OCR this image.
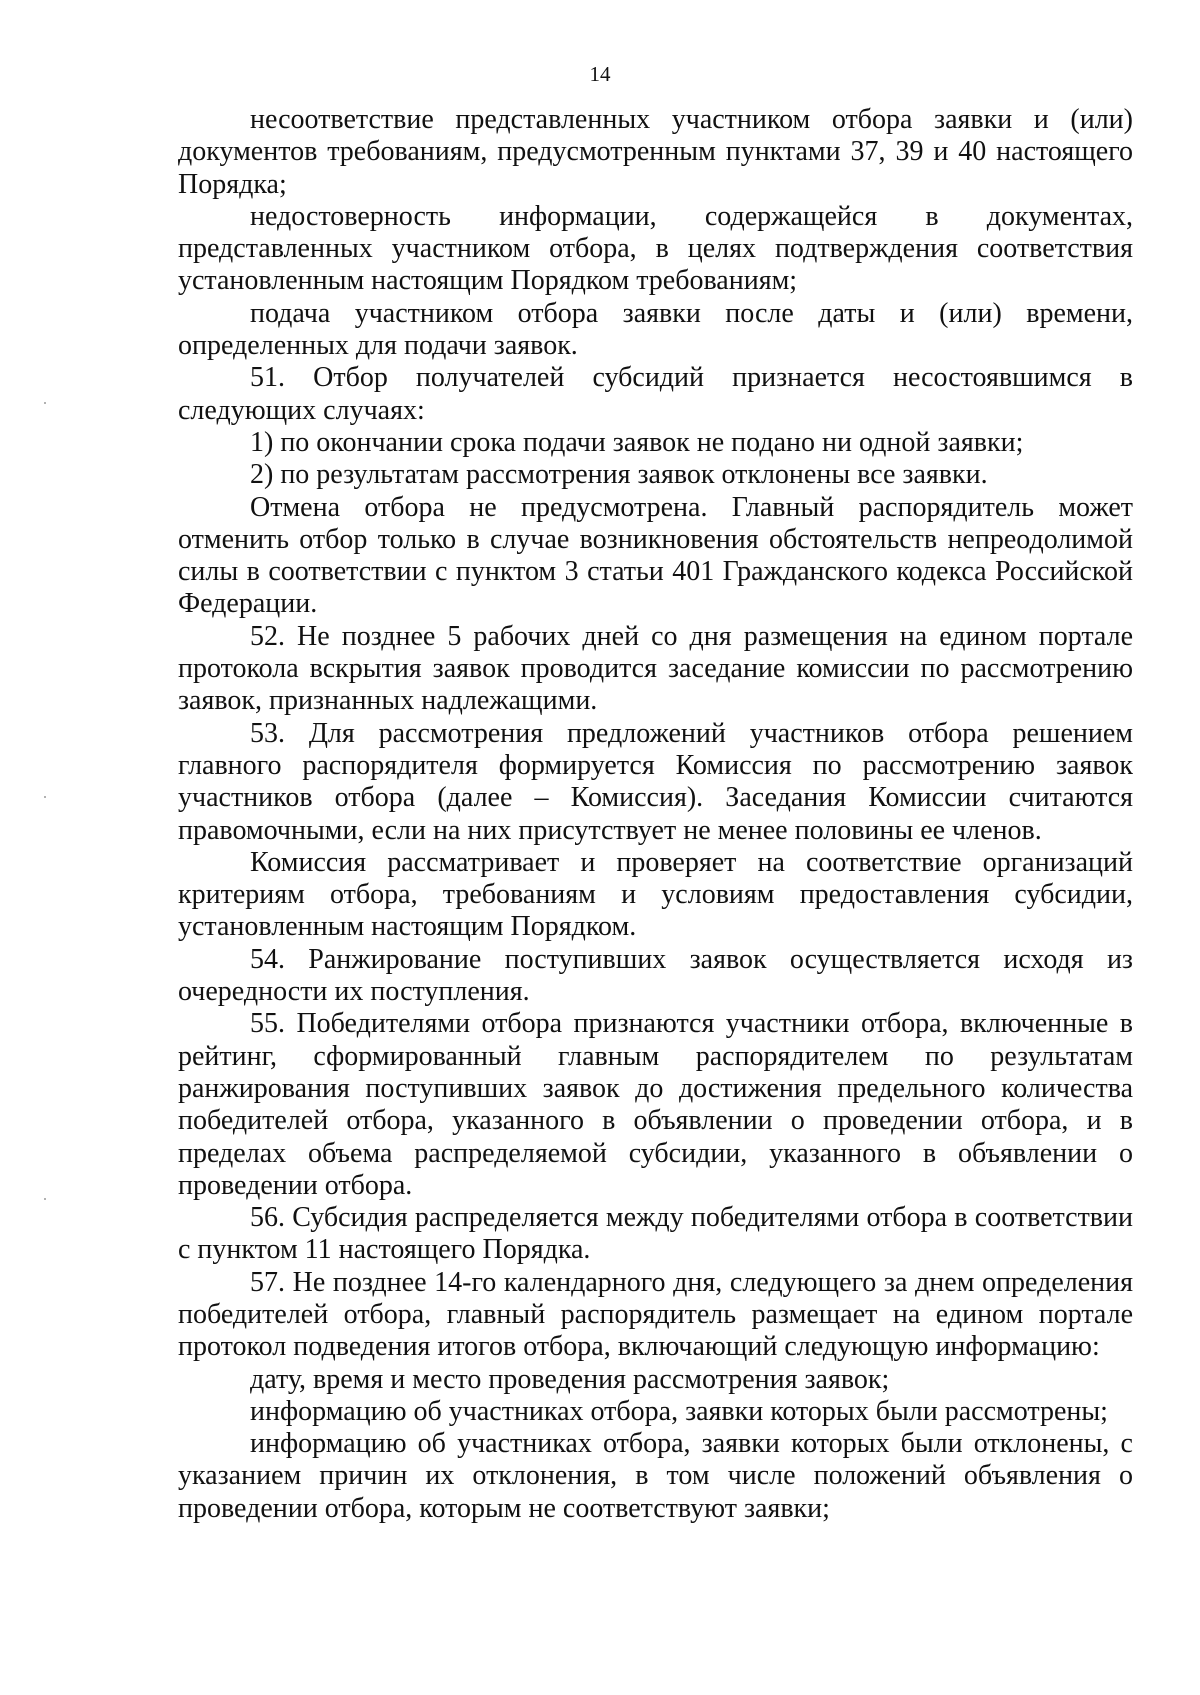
14

несоответствие представленных участником отбора заявки и (или) документов требованиям, предусмотренным пунктами 37, 39 и 40 настоящего Порядка;

недостоверность информации, содержащейся в документах, представленных участником отбора, в целях подтверждения соответствия установленным настоящим Порядком требованиям;

подача участником отбора заявки после даты и (или) времени, определенных для подачи заявок.

51. Отбор получателей субсидий признается несостоявшимся в следующих случаях:

1) по окончании срока подачи заявок не подано ни одной заявки;

2) по результатам рассмотрения заявок отклонены все заявки.

Отмена отбора не предусмотрена. Главный распорядитель может отменить отбор только в случае возникновения обстоятельств непреодолимой силы в соответствии с пунктом 3 статьи 401 Гражданского кодекса Российской Федерации.

52. Не позднее 5 рабочих дней со дня размещения на едином портале протокола вскрытия заявок проводится заседание комиссии по рассмотрению заявок, признанных надлежащими.

53. Для рассмотрения предложений участников отбора решением главного распорядителя формируется Комиссия по рассмотрению заявок участников отбора (далее – Комиссия). Заседания Комиссии считаются правомочными, если на них присутствует не менее половины ее членов.

Комиссия рассматривает и проверяет на соответствие организаций критериям отбора, требованиям и условиям предоставления субсидии, установленным настоящим Порядком.

54. Ранжирование поступивших заявок осуществляется исходя из очередности их поступления.

55. Победителями отбора признаются участники отбора, включенные в рейтинг, сформированный главным распорядителем по результатам ранжирования поступивших заявок до достижения предельного количества победителей отбора, указанного в объявлении о проведении отбора, и в пределах объема распределяемой субсидии, указанного в объявлении о проведении отбора.

56. Субсидия распределяется между победителями отбора в соответствии с пунктом 11 настоящего Порядка.

57. Не позднее 14-го календарного дня, следующего за днем определения победителей отбора, главный распорядитель размещает на едином портале протокол подведения итогов отбора, включающий следующую информацию:

дату, время и место проведения рассмотрения заявок;

информацию об участниках отбора, заявки которых были рассмотрены;

информацию об участниках отбора, заявки которых были отклонены, с указанием причин их отклонения, в том числе положений объявления о проведении отбора, которым не соответствуют заявки;
